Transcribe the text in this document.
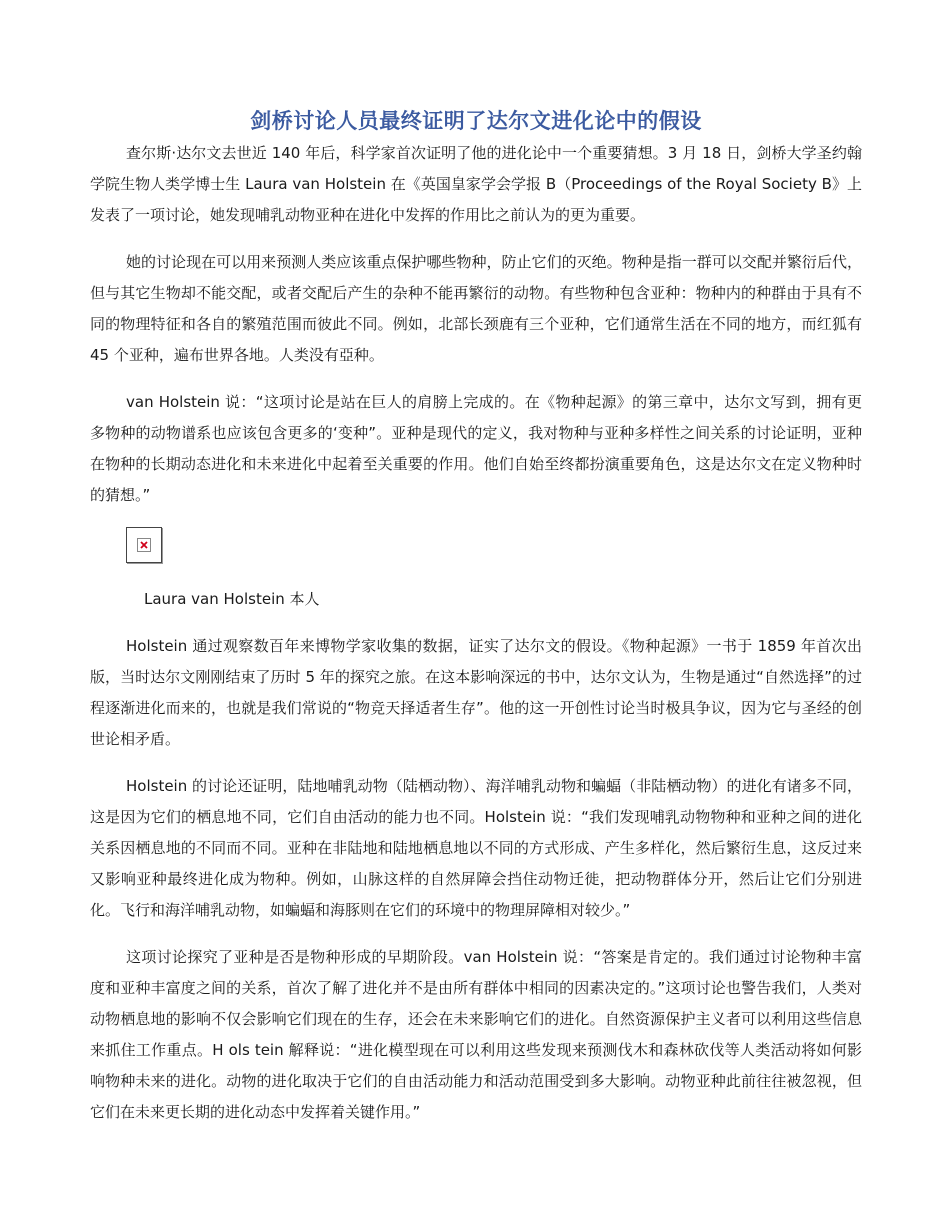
剑桥讨论人员最终证明了达尔文进化论中的假设

查尔斯·达尔文去世近 140 年后，科学家首次证明了他的进化论中一个重要猜想。3 月 18 日，剑桥大学圣约翰学院生物人类学博士生 Laura van Holstein 在《英国皇家学会学报 B（Proceedings of the Royal Society B》上发表了一项讨论，她发现哺乳动物亚种在进化中发挥的作用比之前认为的更为重要。

她的讨论现在可以用来预测人类应该重点保护哪些物种，防止它们的灭绝。物种是指一群可以交配并繁衍后代，但与其它生物却不能交配，或者交配后产生的杂种不能再繁衍的动物。有些物种包含亚种：物种内的种群由于具有不同的物理特征和各自的繁殖范围而彼此不同。例如，北部长颈鹿有三个亚种，它们通常生活在不同的地方，而红狐有 45 个亚种，遍布世界各地。人类没有亞种。

van Holstein 说：“这项讨论是站在巨人的肩膀上完成的。在《物种起源》的第三章中，达尔文写到，拥有更多物种的动物谱系也应该包含更多的‘变种”。亚种是现代的定义，我对物种与亚种多样性之间关系的讨论证明，亚种在物种的长期动态进化和未来进化中起着至关重要的作用。他们自始至终都扮演重要角色，这是达尔文在定义物种时的猜想。”

Laura van Holstein 本人

Holstein 通过观察数百年来博物学家收集的数据，证实了达尔文的假设。《物种起源》一书于 1859 年首次出版，当时达尔文刚刚结束了历时 5 年的探究之旅。在这本影响深远的书中，达尔文认为，生物是通过“自然选择”的过程逐渐进化而来的，也就是我们常说的“物竞天择适者生存”。他的这一开创性讨论当时极具争议，因为它与圣经的创世论相矛盾。

Holstein 的讨论还证明，陆地哺乳动物（陆栖动物）、海洋哺乳动物和蝙蝠（非陆栖动物）的进化有诸多不同，这是因为它们的栖息地不同，它们自由活动的能力也不同。Holstein 说：“我们发现哺乳动物物种和亚种之间的进化关系因栖息地的不同而不同。亚种在非陆地和陆地栖息地以不同的方式形成、产生多样化，然后繁衍生息，这反过来又影响亚种最终进化成为物种。例如，山脉这样的自然屏障会挡住动物迁徙，把动物群体分开，然后让它们分别进化。飞行和海洋哺乳动物，如蝙蝠和海豚则在它们的环境中的物理屏障相对较少。”

这项讨论探究了亚种是否是物种形成的早期阶段。van Holstein 说：“答案是肯定的。我们通过讨论物种丰富度和亚种丰富度之间的关系，首次了解了进化并不是由所有群体中相同的因素决定的。”这项讨论也警告我们，人类对动物栖息地的影响不仅会影响它们现在的生存，还会在未来影响它们的进化。自然资源保护主义者可以利用这些信息来抓住工作重点。H ols tein 解释说：“进化模型现在可以利用这些发现来预测伐木和森林砍伐等人类活动将如何影响物种未来的进化。动物的进化取决于它们的自由活动能力和活动范围受到多大影响。动物亚种此前往往被忽视，但它们在未来更长期的进化动态中发挥着关键作用。”
